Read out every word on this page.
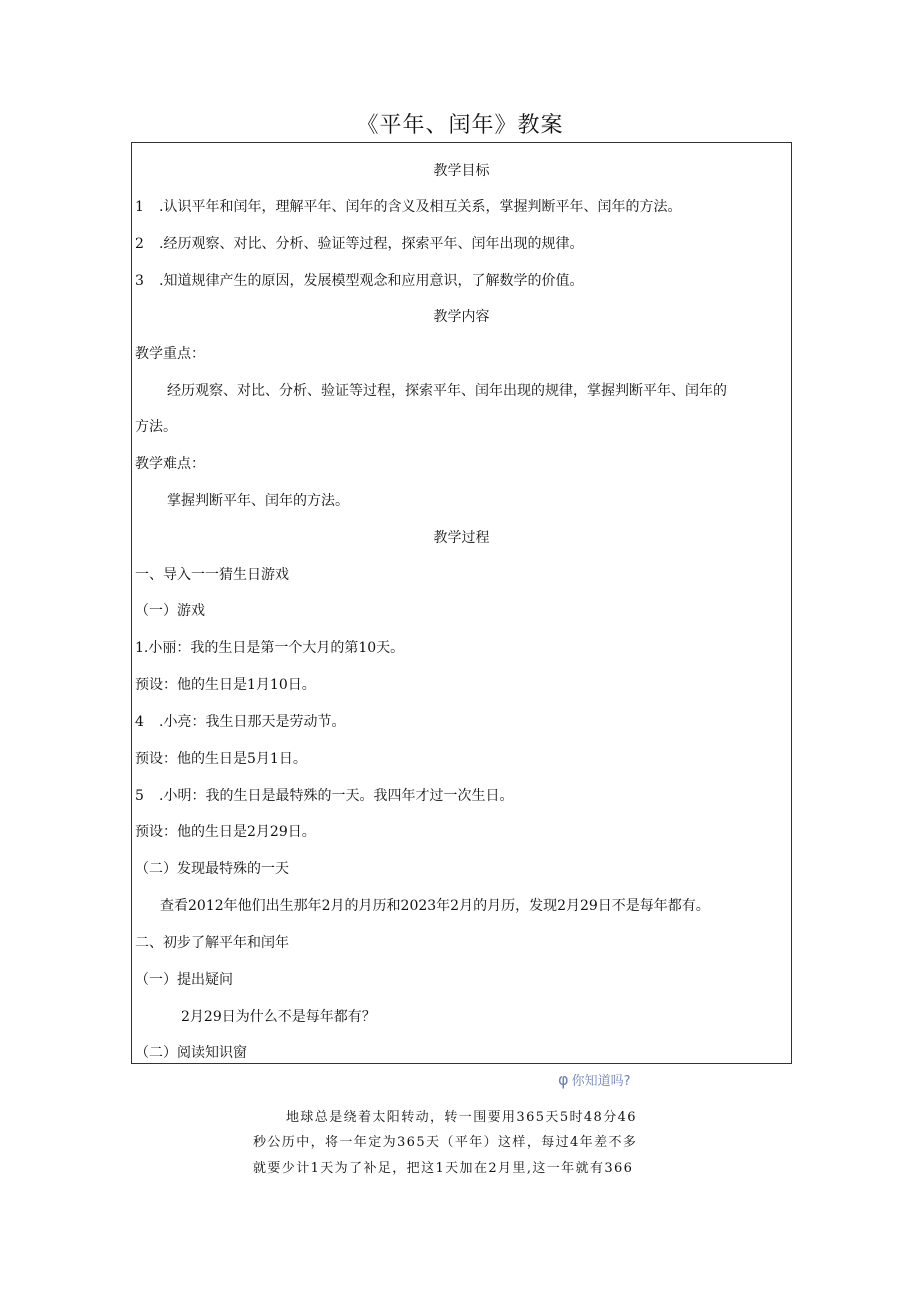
《平年、闰年》教案
教学目标
1 .认识平年和闰年，理解平年、闰年的含义及相互关系，掌握判断平年、闰年的方法。
2 .经历观察、对比、分析、验证等过程，探索平年、闰年出现的规律。
3 .知道规律产生的原因，发展模型观念和应用意识，了解数学的价值。
教学内容
教学重点：
经历观察、对比、分析、验证等过程，探索平年、闰年出现的规律，掌握判断平年、闰年的
方法。
教学难点：
掌握判断平年、闰年的方法。
教学过程
一、导入一一猜生日游戏
（一）游戏
1.小丽：我的生日是第一个大月的第10天。
预设：他的生日是1月10日。
4 .小亮：我生日那天是劳动节。
预设：他的生日是5月1日。
5 .小明：我的生日是最特殊的一天。我四年才过一次生日。
预设：他的生日是2月29日。
（二）发现最特殊的一天
查看2012年他们出生那年2月的月历和2023年2月的月历，发现2月29日不是每年都有。
二、初步了解平年和闰年
（一）提出疑问
2月29日为什么不是每年都有？
（二）阅读知识窗
φ 你知道吗?
地球总是绕着太阳转动，转一围要用365天5时48分46
秒公历中，将一年定为365天（平年）这样，每过4年差不多
就要少计1天为了补足，把这1天加在2月里,这一年就有366
